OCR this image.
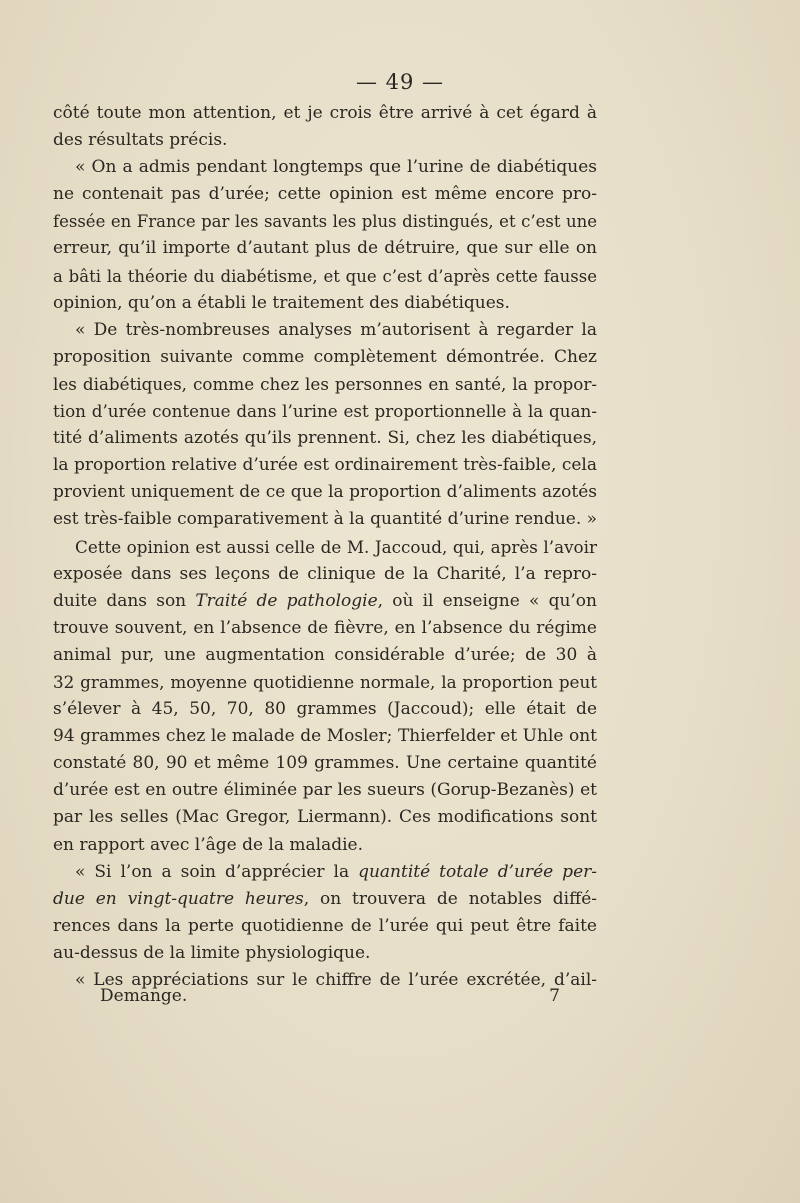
— 49 —
côté toute mon attention, et je crois être arrivé à cet égard à
des résultats précis.
« On a admis pendant longtemps que l’urine de diabétiques
ne contenait pas d’urée; cette opinion est même encore pro-
fessée en France par les savants les plus distingués, et c’est une
erreur, qu’il importe d’autant plus de détruire, que sur elle on
a bâti la théorie du diabétisme, et que c’est d’après cette fausse
opinion, qu’on a établi le traitement des diabétiques.
« De très-nombreuses analyses m’autorisent à regarder la
proposition suivante comme complètement démontrée. Chez
les diabétiques, comme chez les personnes en santé, la propor-
tion d’urée contenue dans l’urine est proportionnelle à la quan-
tité d’aliments azotés qu’ils prennent. Si, chez les diabétiques,
la proportion relative d’urée est ordinairement très-faible, cela
provient uniquement de ce que la proportion d’aliments azotés
est très-faible comparativement à la quantité d’urine rendue. »
Cette opinion est aussi celle de M. Jaccoud, qui, après l’avoir
exposée dans ses leçons de clinique de la Charité, l’a repro-
duite dans son Traité de pathologie, où il enseigne « qu’on
trouve souvent, en l’absence de fièvre, en l’absence du régime
animal pur, une augmentation considérable d’urée; de 30 à
32 grammes, moyenne quotidienne normale, la proportion peut
s’élever à 45, 50, 70, 80 grammes (Jaccoud); elle était de
94 grammes chez le malade de Mosler; Thierfelder et Uhle ont
constaté 80, 90 et même 109 grammes. Une certaine quantité
d’urée est en outre éliminée par les sueurs (Gorup-Bezanès) et
par les selles (Mac Gregor, Liermann). Ces modifications sont
en rapport avec l’âge de la maladie.
« Si l’on a soin d’apprécier la quantité totale d’urée per-
due en vingt-quatre heures, on trouvera de notables diffé-
rences dans la perte quotidienne de l’urée qui peut être faite
au-dessus de la limite physiologique.
« Les appréciations sur le chiffre de l’urée excrétée, d’ail-
Demange.	7
